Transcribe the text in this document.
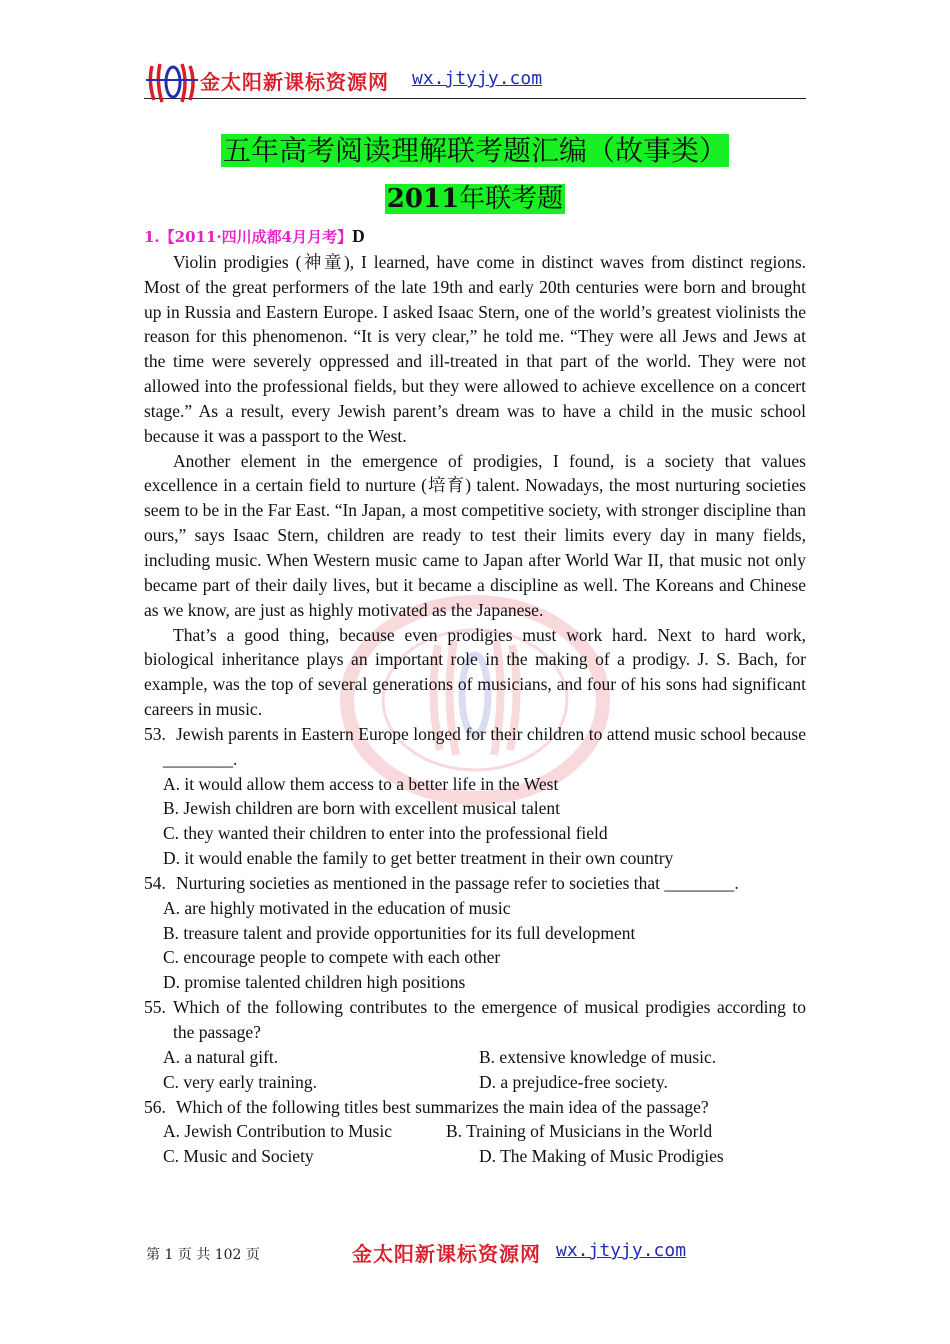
金太阳新课标资源网 wx.jtyjy.com
五年高考阅读理解联考题汇编（故事类）
2011年联考题
1.【2011·四川成都4月月考】D

Violin prodigies (神童), I learned, have come in distinct waves from distinct regions. Most of the great performers of the late 19th and early 20th centuries were born and brought up in Russia and Eastern Europe. I asked Isaac Stern, one of the world’s greatest violinists the reason for this phenomenon. “It is very clear,” he told me. “They were all Jews and Jews at the time were severely oppressed and ill-treated in that part of the world. They were not allowed into the professional fields, but they were allowed to achieve excellence on a concert stage.” As a result, every Jewish parent’s dream was to have a child in the music school because it was a passport to the West.

Another element in the emergence of prodigies, I found, is a society that values excellence in a certain field to nurture (培育) talent. Nowadays, the most nurturing societies seem to be in the Far East. “In Japan, a most competitive society, with stronger discipline than ours,” says Isaac Stern, children are ready to test their limits every day in many fields, including music. When Western music came to Japan after World War II, that music not only became part of their daily lives, but it became a discipline as well. The Koreans and Chinese as we know, are just as highly motivated as the Japanese.

That’s a good thing, because even prodigies must work hard. Next to hard work, biological inheritance plays an important role in the making of a prodigy. J. S. Bach, for example, was the top of several generations of musicians, and four of his sons had significant careers in music.

53. Jewish parents in Eastern Europe longed for their children to attend music school because ________.

A. it would allow them access to a better life in the West

B. Jewish children are born with excellent musical talent

C. they wanted their children to enter into the professional field

D. it would enable the family to get better treatment in their own country

54. Nurturing societies as mentioned in the passage refer to societies that ________.

A. are highly motivated in the education of music

B. treasure talent and provide opportunities for its full development

C. encourage people to compete with each other

D. promise talented children high positions

55. Which of the following contributes to the emergence of musical prodigies according to the passage?

A. a natural gift.	B. extensive knowledge of music.
C. very early training.	D. a prejudice-free society.

56. Which of the following titles best summarizes the main idea of the passage?

A. Jewish Contribution to Music	B. Training of Musicians in the World
C. Music and Society	D. The Making of Music Prodigies
第 1 页 共 102 页	金太阳新课标资源网 wx.jtyjy.com
